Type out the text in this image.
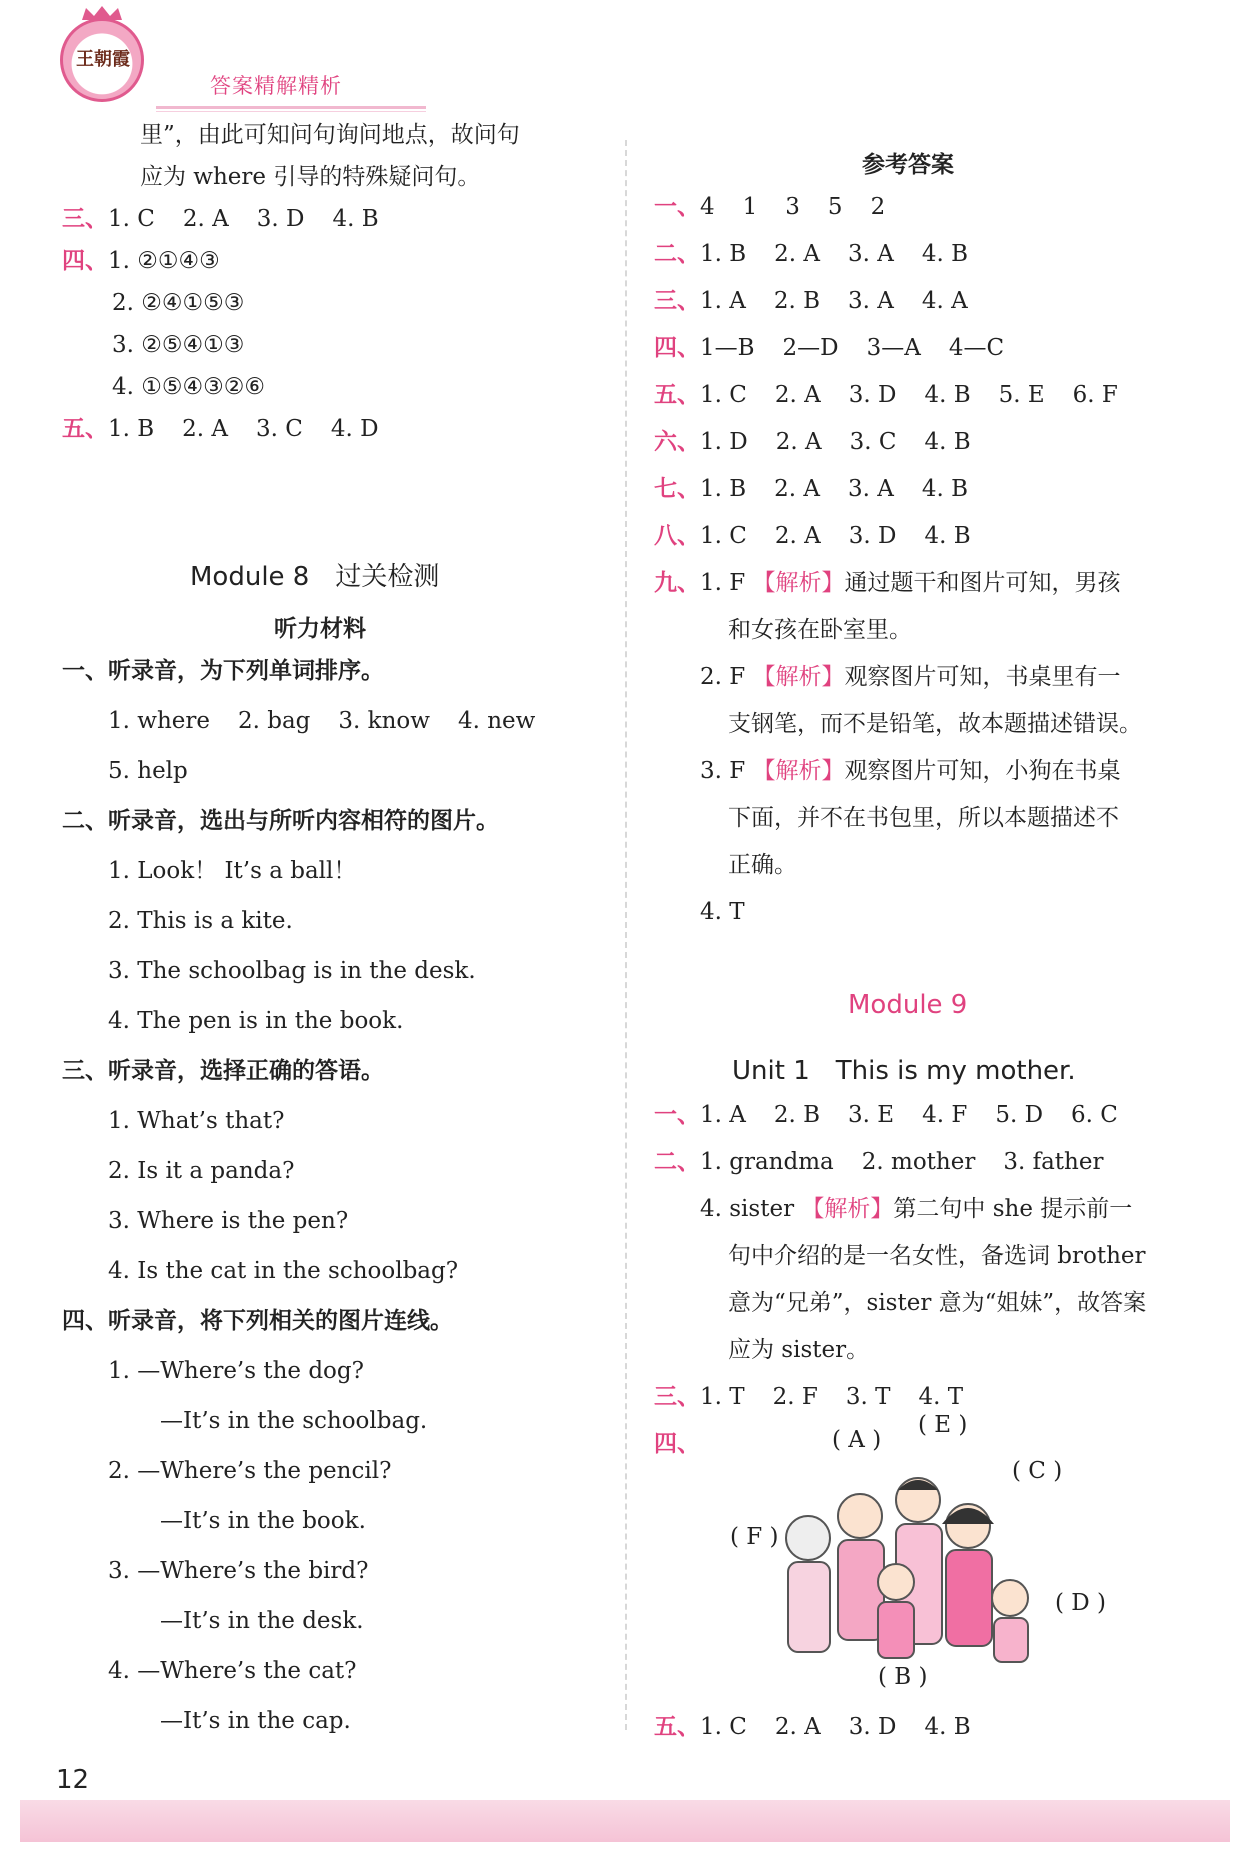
王朝霞
答案精解精析
里”，由此可知问句询问地点，故问句
应为 where 引导的特殊疑问句。
三、1. C 2. A 3. D 4. B
四、1. ②①④③
2. ②④①⑤③
3. ②⑤④①③
4. ①⑤④③②⑥
五、1. B 2. A 3. C 4. D
Module 8　过关检测
听力材料
一、听录音，为下列单词排序。
1. where 2. bag 3. know 4. new
5. help
二、听录音，选出与所听内容相符的图片。
1. Look！ It’s a ball！
2. This is a kite.
3. The schoolbag is in the desk.
4. The pen is in the book.
三、听录音，选择正确的答语。
1. What’s that?
2. Is it a panda?
3. Where is the pen?
4. Is the cat in the schoolbag?
四、听录音，将下列相关的图片连线。
1. —Where’s the dog?
—It’s in the schoolbag.
2. —Where’s the pencil?
—It’s in the book.
3. —Where’s the bird?
—It’s in the desk.
4. —Where’s the cat?
—It’s in the cap.
参考答案
一、4 1 3 5 2
二、1. B 2. A 3. A 4. B
三、1. A 2. B 3. A 4. A
四、1—B 2—D 3—A 4—C
五、1. C 2. A 3. D 4. B 5. E 6. F
六、1. D 2. A 3. C 4. B
七、1. B 2. A 3. A 4. B
八、1. C 2. A 3. D 4. B
九、1. F 【解析】通过题干和图片可知，男孩
和女孩在卧室里。
2. F 【解析】观察图片可知，书桌里有一
支钢笔，而不是铅笔，故本题描述错误。
3. F 【解析】观察图片可知，小狗在书桌
下面，并不在书包里，所以本题描述不
正确。
4. T
Module 9
Unit 1　This is my mother.
一、1. A 2. B 3. E 4. F 5. D 6. C
二、1. grandma 2. mother 3. father
4. sister 【解析】第二句中 she 提示前一
句中介绍的是一名女性，备选词 brother
意为“兄弟”，sister 意为“姐妹”，故答案
应为 sister。
三、1. T 2. F 3. T 4. T
四、	( A )
( E )
( C )
( F )
( D )
( B )
五、1. C 2. A 3. D 4. B
12
